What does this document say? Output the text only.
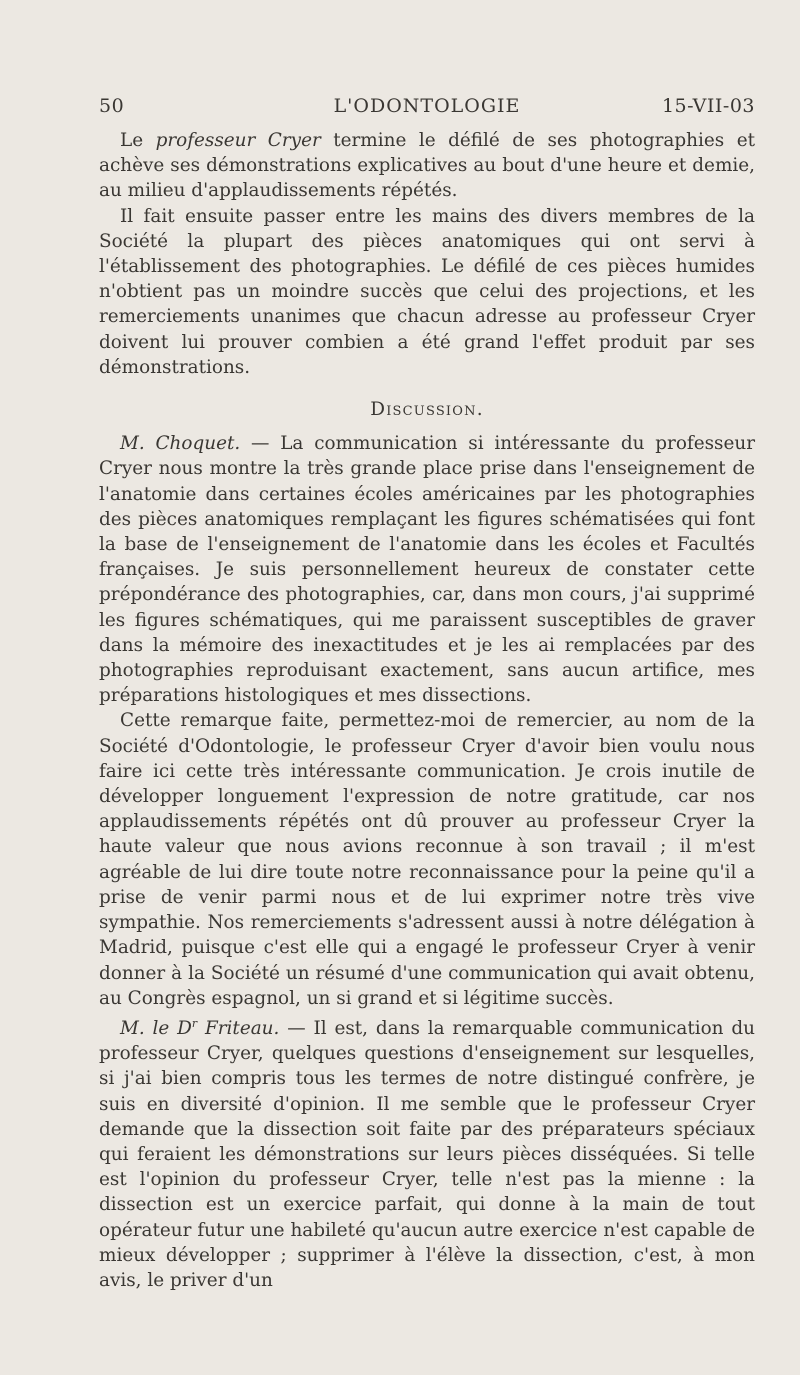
50	L'ODONTOLOGIE	15-VII-03

Le professeur Cryer termine le défilé de ses photographies et achève ses démonstrations explicatives au bout d'une heure et demie, au milieu d'applaudissements répétés.

Il fait ensuite passer entre les mains des divers membres de la Société la plupart des pièces anatomiques qui ont servi à l'établissement des photographies. Le défilé de ces pièces humides n'obtient pas un moindre succès que celui des projections, et les remerciements unanimes que chacun adresse au professeur Cryer doivent lui prouver combien a été grand l'effet produit par ses démonstrations.

Discussion.

M. Choquet. — La communication si intéressante du professeur Cryer nous montre la très grande place prise dans l'enseignement de l'anatomie dans certaines écoles américaines par les photographies des pièces anatomiques remplaçant les figures schématisées qui font la base de l'enseignement de l'anatomie dans les écoles et Facultés françaises. Je suis personnellement heureux de constater cette prépondérance des photographies, car, dans mon cours, j'ai supprimé les figures schématiques, qui me paraissent susceptibles de graver dans la mémoire des inexactitudes et je les ai remplacées par des photographies reproduisant exactement, sans aucun artifice, mes préparations histologiques et mes dissections.

Cette remarque faite, permettez-moi de remercier, au nom de la Société d'Odontologie, le professeur Cryer d'avoir bien voulu nous faire ici cette très intéressante communication. Je crois inutile de développer longuement l'expression de notre gratitude, car nos applaudissements répétés ont dû prouver au professeur Cryer la haute valeur que nous avions reconnue à son travail ; il m'est agréable de lui dire toute notre reconnaissance pour la peine qu'il a prise de venir parmi nous et de lui exprimer notre très vive sympathie. Nos remerciements s'adressent aussi à notre délégation à Madrid, puisque c'est elle qui a engagé le professeur Cryer à venir donner à la Société un résumé d'une communication qui avait obtenu, au Congrès espagnol, un si grand et si légitime succès.

M. le $D^r$ Friteau. — Il est, dans la remarquable communication du professeur Cryer, quelques questions d'enseignement sur lesquelles, si j'ai bien compris tous les termes de notre distingué confrère, je suis en diversité d'opinion. Il me semble que le professeur Cryer demande que la dissection soit faite par des préparateurs spéciaux qui feraient les démonstrations sur leurs pièces disséquées. Si telle est l'opinion du professeur Cryer, telle n'est pas la mienne : la dissection est un exercice parfait, qui donne à la main de tout opérateur futur une habileté qu'aucun autre exercice n'est capable de mieux développer ; supprimer à l'élève la dissection, c'est, à mon avis, le priver d'un
